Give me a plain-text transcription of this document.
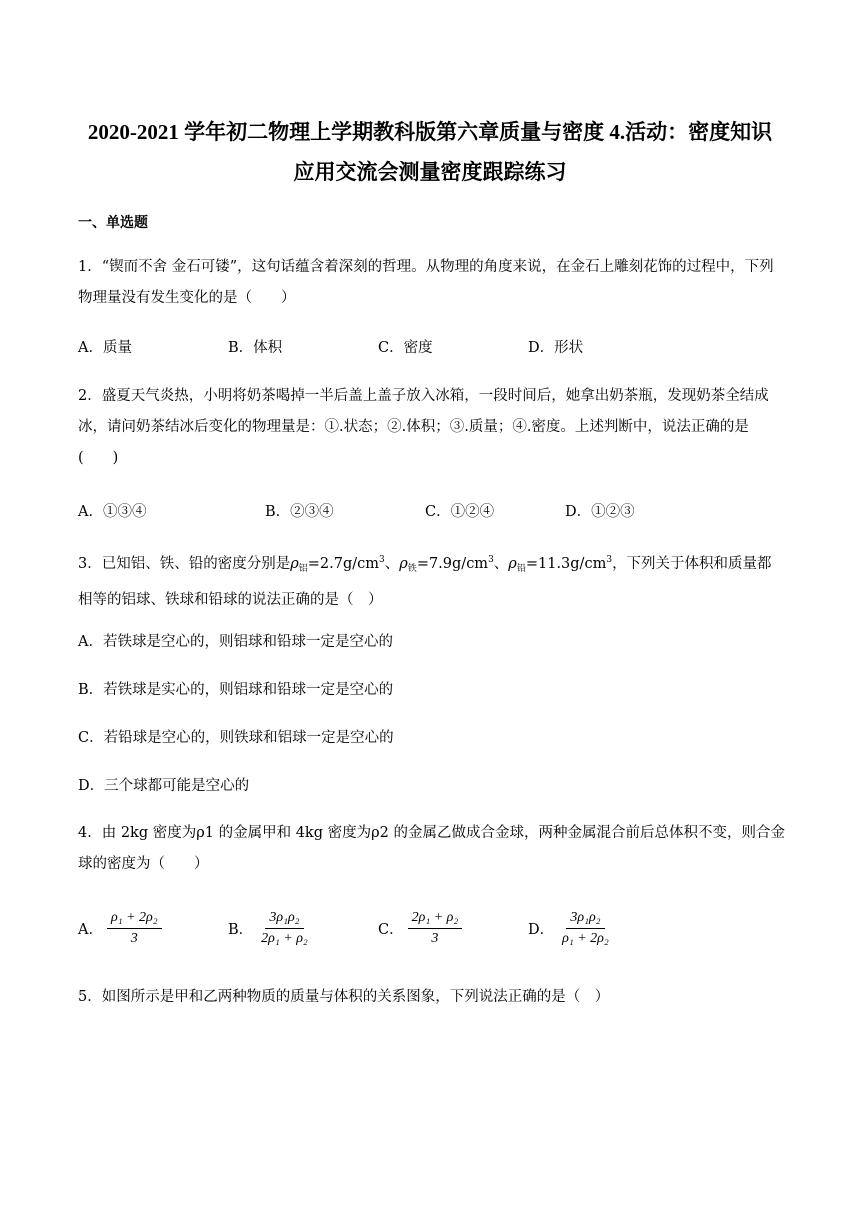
2020-2021 学年初二物理上学期教科版第六章质量与密度 4.活动：密度知识
应用交流会测量密度跟踪练习
一、单选题
1．“锲而不舍 金石可镂”，这句话蕴含着深刻的哲理。从物理的角度来说，在金石上雕刻花饰的过程中，下列物理量没有发生变化的是（　　）
A．质量	B．体积	C．密度	D．形状
2．盛夏天气炎热，小明将奶茶喝掉一半后盖上盖子放入冰箱，一段时间后，她拿出奶茶瓶，发现奶茶全结成冰，请问奶茶结冰后变化的物理量是：①.状态；②.体积；③.质量；④.密度。上述判断中，说法正确的是(　　)
A．①③④	B．②③④	C．①②④	D．①②③
3．已知铝、铁、铅的密度分别是$\rho_铝=2.7g/cm^3$、$\rho_铁=7.9g/cm^3$、$\rho_铅=11.3g/cm^3$，下列关于体积和质量都相等的铝球、铁球和铅球的说法正确的是（　）
A．若铁球是空心的，则铝球和铅球一定是空心的
B．若铁球是实心的，则铝球和铅球一定是空心的
C．若铅球是空心的，则铁球和铝球一定是空心的
D．三个球都可能是空心的
4．由 2kg 密度为ρ1 的金属甲和 4kg 密度为ρ2 的金属乙做成合金球，两种金属混合前后总体积不变，则合金球的密度为（　　）
A． $\frac{\text{ρ₁ + 2ρ₂}}{3}$	B． $\frac{\text{3ρ₁ρ₂}}{\text{2ρ₁ + ρ₂}}$	C． $\frac{\text{2ρ₁ + ρ₂}}{3}$	D． $\frac{\text{3ρ₁ρ₂}}{\text{ρ₁ + 2ρ₂}}$
5．如图所示是甲和乙两种物质的质量与体积的关系图象，下列说法正确的是（　）
